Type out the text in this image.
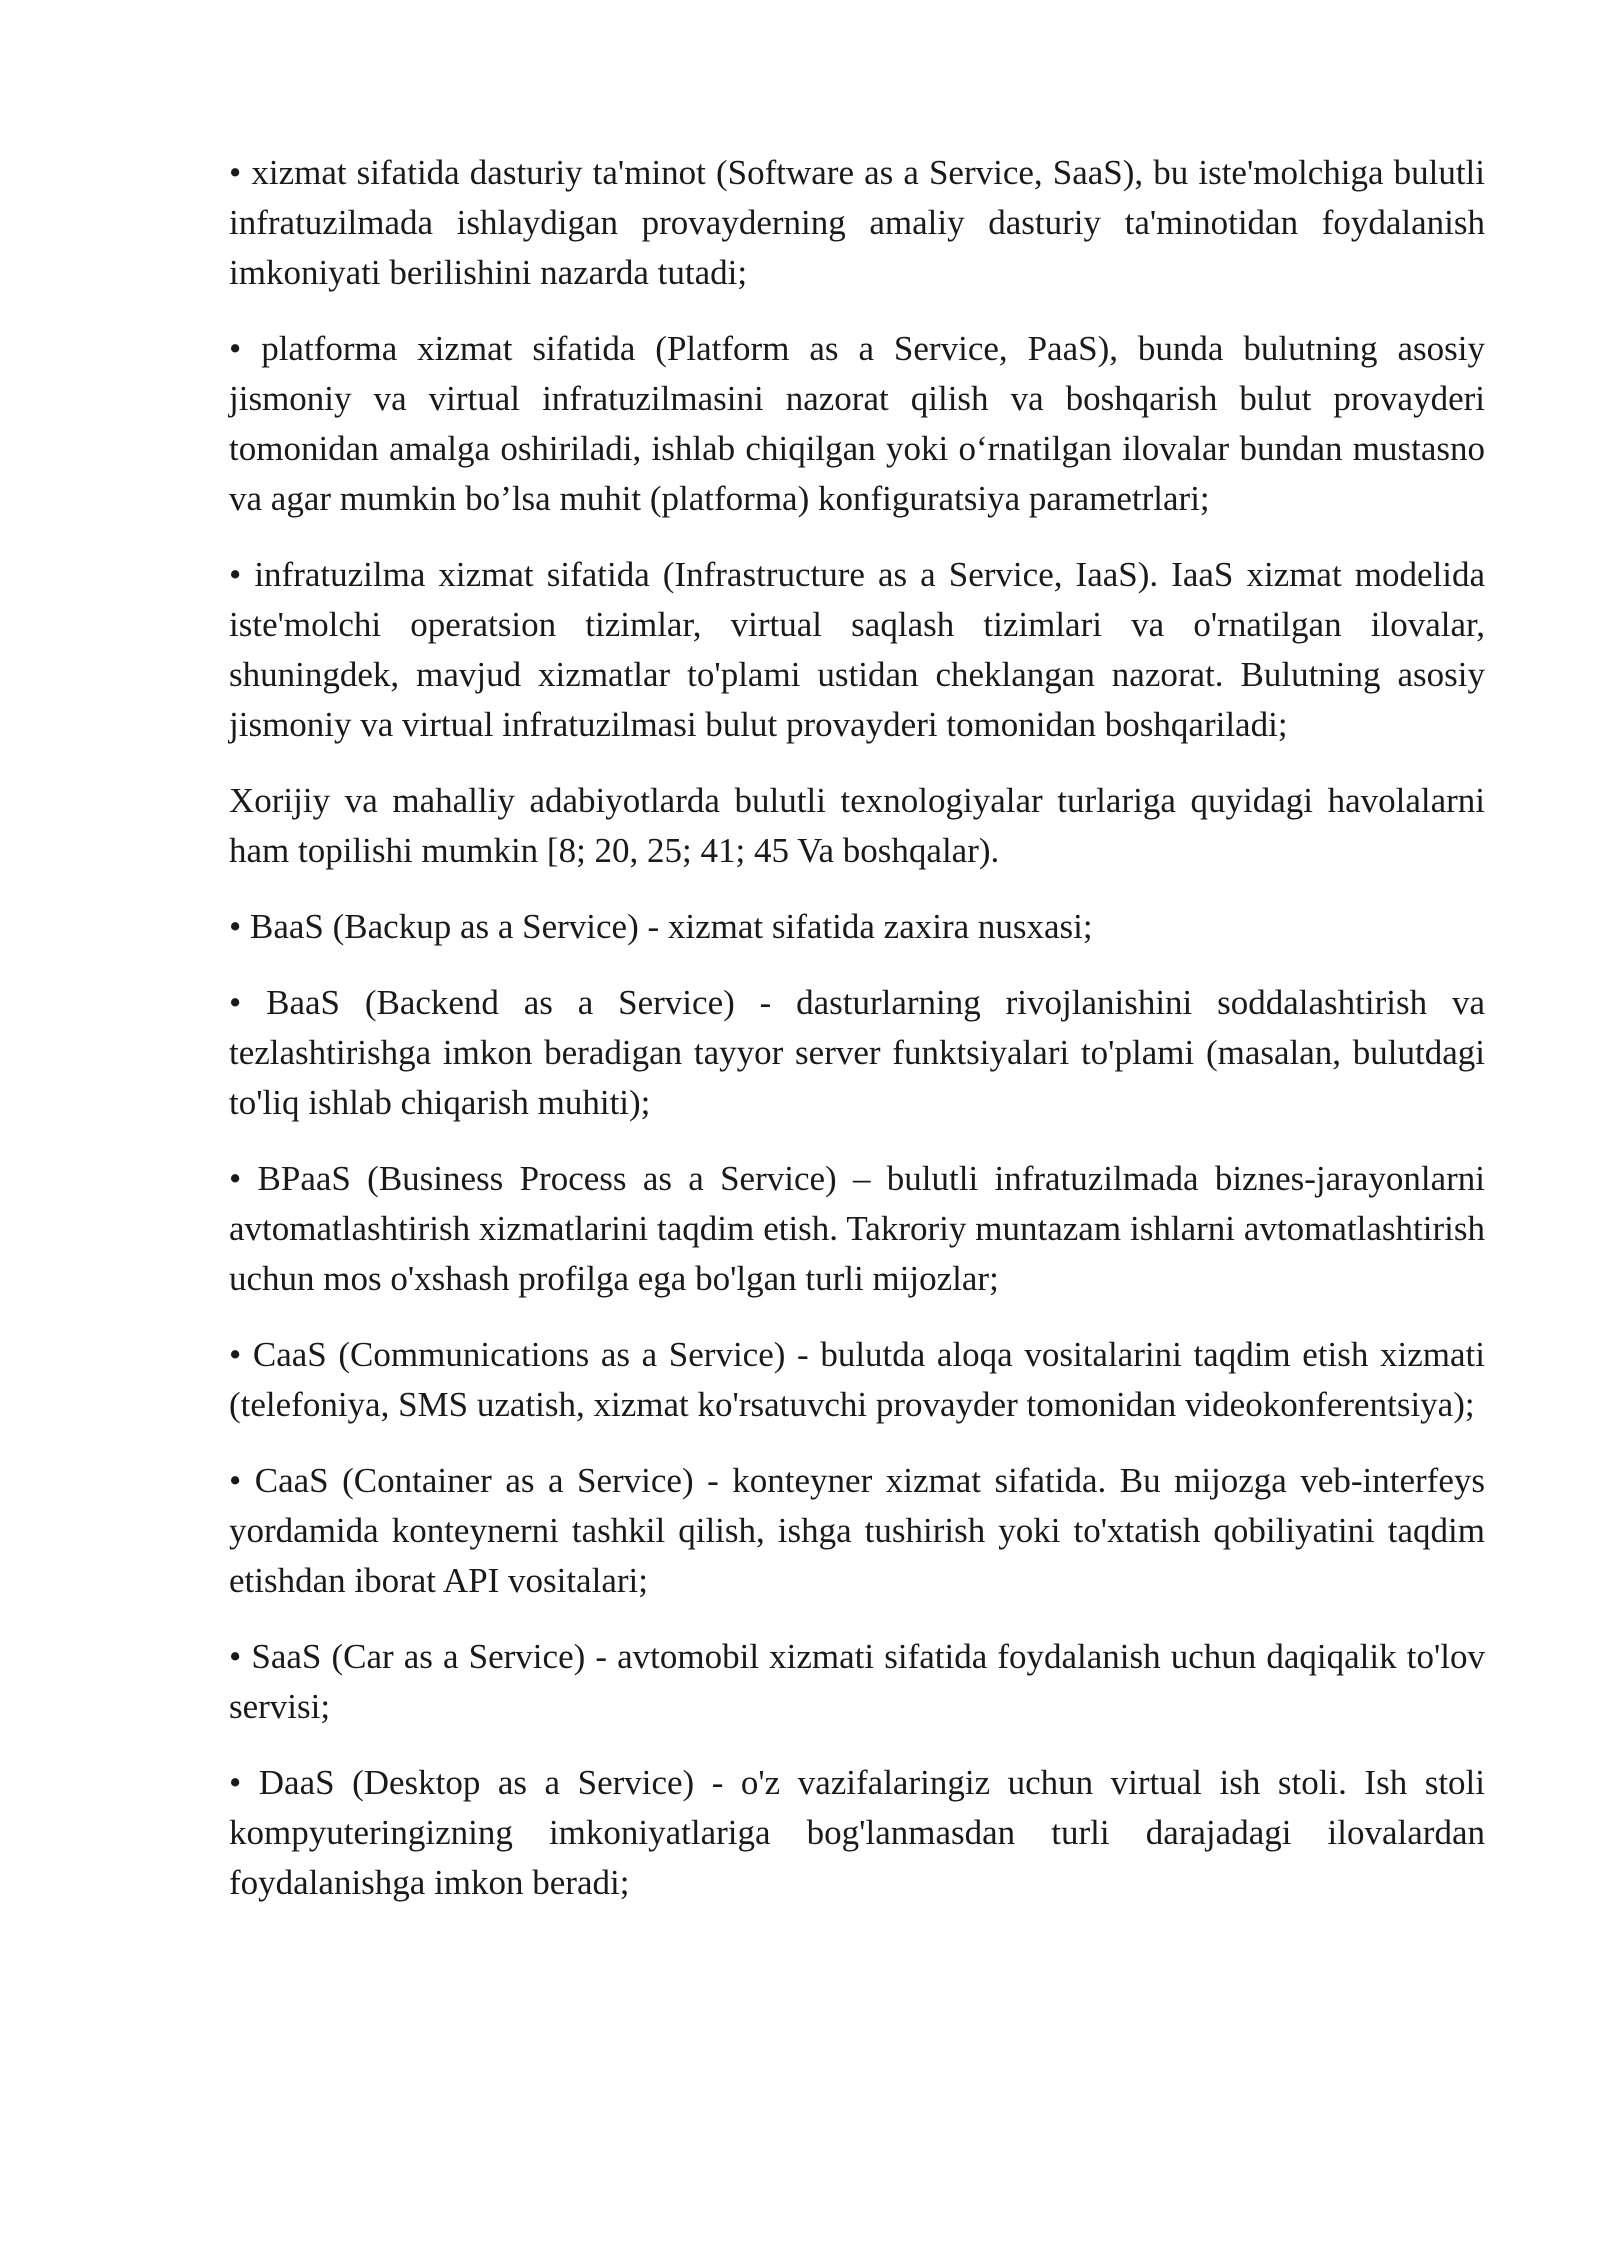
• xizmat sifatida dasturiy ta'minot (Software as a Service, SaaS), bu iste'molchiga bulutli infratuzilmada ishlaydigan provayderning amaliy dasturiy ta'minotidan foydalanish imkoniyati berilishini nazarda tutadi;

• platforma xizmat sifatida (Platform as a Service, PaaS), bunda bulutning asosiy jismoniy va virtual infratuzilmasini nazorat qilish va boshqarish bulut provayderi tomonidan amalga oshiriladi, ishlab chiqilgan yoki o‘rnatilgan ilovalar bundan mustasno va agar mumkin bo’lsa muhit (platforma) konfiguratsiya parametrlari;

• infratuzilma xizmat sifatida (Infrastructure as a Service, IaaS). IaaS xizmat modelida iste'molchi operatsion tizimlar, virtual saqlash tizimlari va o'rnatilgan ilovalar, shuningdek, mavjud xizmatlar to'plami ustidan cheklangan nazorat. Bulutning asosiy jismoniy va virtual infratuzilmasi bulut provayderi tomonidan boshqariladi;

Xorijiy va mahalliy adabiyotlarda bulutli texnologiyalar turlariga quyidagi havolalarni ham topilishi mumkin [8; 20, 25; 41; 45 Va boshqalar).

• BaaS (Backup as a Service) - xizmat sifatida zaxira nusxasi;

• BaaS (Backend as a Service) - dasturlarning rivojlanishini soddalashtirish va tezlashtirishga imkon beradigan tayyor server funktsiyalari to'plami (masalan, bulutdagi to'liq ishlab chiqarish muhiti);

• BPaaS (Business Process as a Service) – bulutli infratuzilmada biznes-jarayonlarni avtomatlashtirish xizmatlarini taqdim etish. Takroriy muntazam ishlarni avtomatlashtirish uchun mos o'xshash profilga ega bo'lgan turli mijozlar;

• CaaS (Communications as a Service) - bulutda aloqa vositalarini taqdim etish xizmati (telefoniya, SMS uzatish, xizmat ko'rsatuvchi provayder tomonidan videokonferentsiya);

• CaaS (Container as a Service) - konteyner xizmat sifatida. Bu mijozga veb-interfeys yordamida konteynerni tashkil qilish, ishga tushirish yoki to'xtatish qobiliyatini taqdim etishdan iborat API vositalari;

• SaaS (Car as a Service) - avtomobil xizmati sifatida foydalanish uchun daqiqalik to'lov servisi;

• DaaS (Desktop as a Service) - o'z vazifalaringiz uchun virtual ish stoli. Ish stoli kompyuteringizning imkoniyatlariga bog'lanmasdan turli darajadagi ilovalardan foydalanishga imkon beradi;
